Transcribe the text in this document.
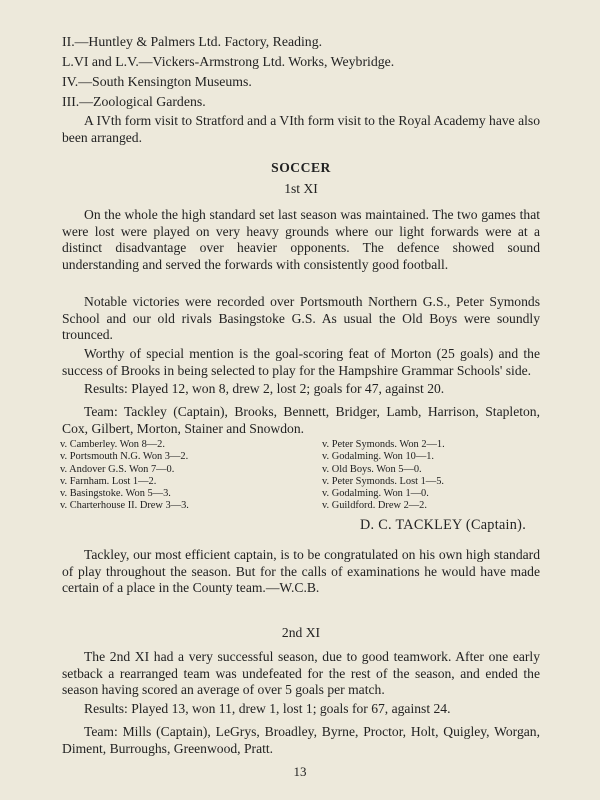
II.—Huntley & Palmers Ltd. Factory, Reading.
L.VI and L.V.—Vickers-Armstrong Ltd. Works, Weybridge.
IV.—South Kensington Museums.
III.—Zoological Gardens.

A IVth form visit to Stratford and a VIth form visit to the Royal Academy have also been arranged.

SOCCER
1st XI

On the whole the high standard set last season was maintained. The two games that were lost were played on very heavy grounds where our light forwards were at a distinct disadvantage over heavier opponents. The defence showed sound understanding and served the forwards with consistently good football.

Notable victories were recorded over Portsmouth Northern G.S., Peter Symonds School and our old rivals Basingstoke G.S. As usual the Old Boys were soundly trounced.

Worthy of special mention is the goal-scoring feat of Morton (25 goals) and the success of Brooks in being selected to play for the Hampshire Grammar Schools' side.

Results: Played 12, won 8, drew 2, lost 2; goals for 47, against 20.

Team: Tackley (Captain), Brooks, Bennett, Bridger, Lamb, Harrison, Stapleton, Cox, Gilbert, Morton, Stainer and Snowdon.

v. Camberley. Won 8—2.
v. Portsmouth N.G. Won 3—2.
v. Andover G.S. Won 7—0.
v. Farnham. Lost 1—2.
v. Basingstoke. Won 5—3.
v. Charterhouse II. Drew 3—3.
v. Peter Symonds. Won 2—1.
v. Godalming. Won 10—1.
v. Old Boys. Won 5—0.
v. Peter Symonds. Lost 1—5.
v. Godalming. Won 1—0.
v. Guildford. Drew 2—2.
D. C. TACKLEY (Captain).

Tackley, our most efficient captain, is to be congratulated on his own high standard of play throughout the season. But for the calls of examinations he would have made certain of a place in the County team.—W.C.B.

2nd XI

The 2nd XI had a very successful season, due to good teamwork. After one early setback a rearranged team was undefeated for the rest of the season, and ended the season having scored an average of over 5 goals per match.

Results: Played 13, won 11, drew 1, lost 1; goals for 67, against 24.

Team: Mills (Captain), LeGrys, Broadley, Byrne, Proctor, Holt, Quigley, Worgan, Diment, Burroughs, Greenwood, Pratt.

13
